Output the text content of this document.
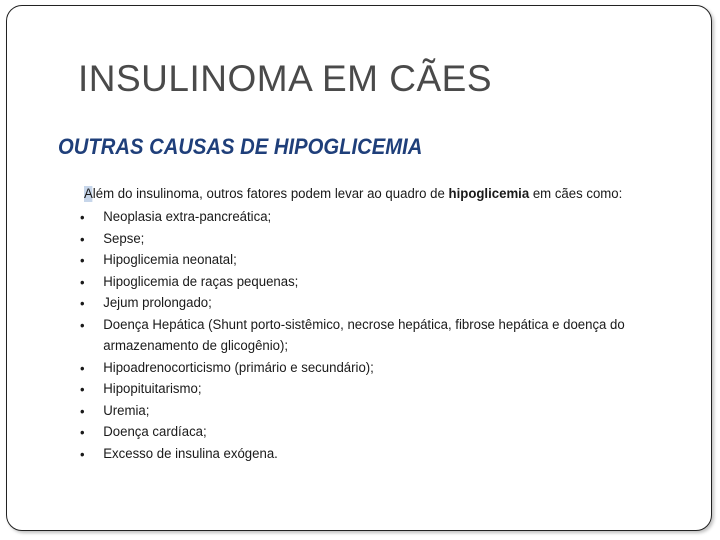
INSULINOMA EM CÃES
OUTRAS CAUSAS DE HIPOGLICEMIA
Além do insulinoma, outros fatores podem levar ao quadro de hipoglicemia em cães como:
• Neoplasia extra-pancreática;
• Sepse;
• Hipoglicemia neonatal;
• Hipoglicemia de raças pequenas;
• Jejum prolongado;
• Doença Hepática (Shunt porto-sistêmico, necrose hepática, fibrose hepática e doença do
armazenamento de glicogênio);
• Hipoadrenocorticismo (primário e secundário);
• Hipopituitarismo;
• Uremia;
• Doença cardíaca;
• Excesso de insulina exógena.
